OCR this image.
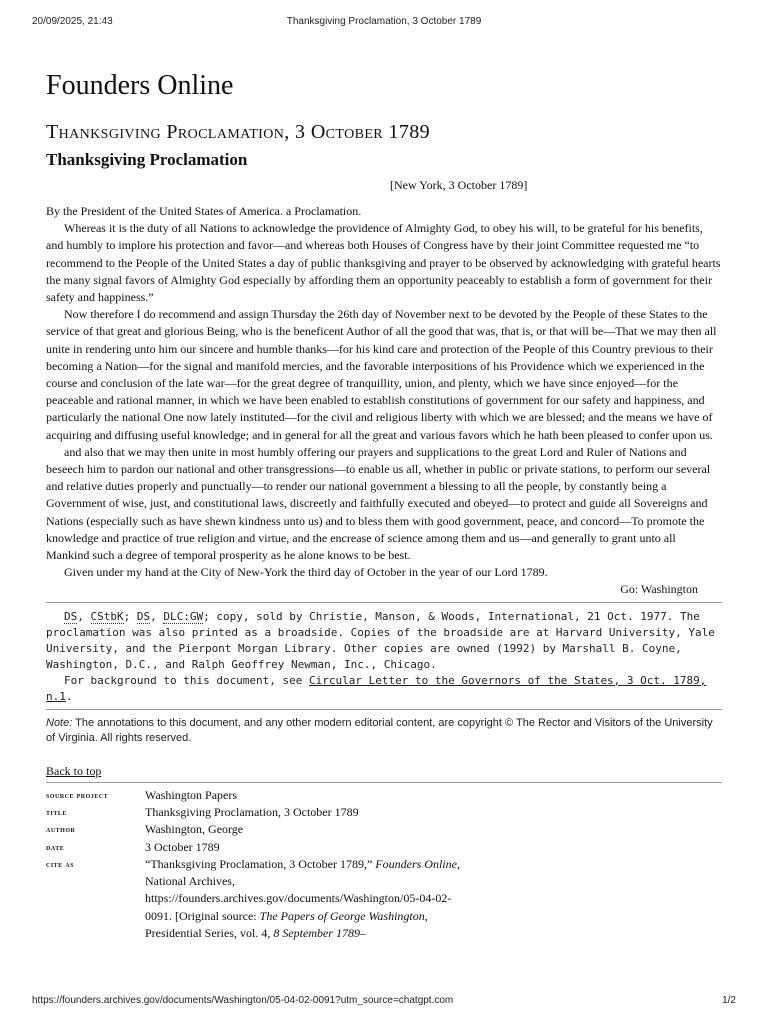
20/09/2025, 21:43	Thanksgiving Proclamation, 3 October 1789
Founders Online
Thanksgiving Proclamation, 3 October 1789
Thanksgiving Proclamation
[New York, 3 October 1789]

By the President of the United States of America. a Proclamation.

Whereas it is the duty of all Nations to acknowledge the providence of Almighty God, to obey his will, to be grateful for his benefits, and humbly to implore his protection and favor—and whereas both Houses of Congress have by their joint Committee requested me “to recommend to the People of the United States a day of public thanksgiving and prayer to be observed by acknowledging with grateful hearts the many signal favors of Almighty God especially by affording them an opportunity peaceably to establish a form of government for their safety and happiness.”

Now therefore I do recommend and assign Thursday the 26th day of November next to be devoted by the People of these States to the service of that great and glorious Being, who is the beneficent Author of all the good that was, that is, or that will be—That we may then all unite in rendering unto him our sincere and humble thanks—for his kind care and protection of the People of this Country previous to their becoming a Nation—for the signal and manifold mercies, and the favorable interpositions of his Providence which we experienced in the course and conclusion of the late war—for the great degree of tranquillity, union, and plenty, which we have since enjoyed—for the peaceable and rational manner, in which we have been enabled to establish constitutions of government for our safety and happiness, and particularly the national One now lately instituted—for the civil and religious liberty with which we are blessed; and the means we have of acquiring and diffusing useful knowledge; and in general for all the great and various favors which he hath been pleased to confer upon us.

and also that we may then unite in most humbly offering our prayers and supplications to the great Lord and Ruler of Nations and beseech him to pardon our national and other transgressions—to enable us all, whether in public or private stations, to perform our several and relative duties properly and punctually—to render our national government a blessing to all the people, by constantly being a Government of wise, just, and constitutional laws, discreetly and faithfully executed and obeyed—to protect and guide all Sovereigns and Nations (especially such as have shewn kindness unto us) and to bless them with good government, peace, and concord—To promote the knowledge and practice of true religion and virtue, and the encrease of science among them and us—and generally to grant unto all Mankind such a degree of temporal prosperity as he alone knows to be best.

Given under my hand at the City of New-York the third day of October in the year of our Lord 1789.

Go: Washington

DS, CStbK; DS, DLC:GW; copy, sold by Christie, Manson, & Woods, International, 21 Oct. 1977. The proclamation was also printed as a broadside. Copies of the broadside are at Harvard University, Yale University, and the Pierpont Morgan Library. Other copies are owned (1992) by Marshall B. Coyne, Washington, D.C., and Ralph Geoffrey Newman, Inc., Chicago.

For background to this document, see Circular Letter to the Governors of the States, 3 Oct. 1789, n.1.

Note: The annotations to this document, and any other modern editorial content, are copyright © The Rector and Visitors of the University of Virginia. All rights reserved.
Back to top
source project	Washington Papers
title	Thanksgiving Proclamation, 3 October 1789
author	Washington, George
date	3 October 1789
cite as	“Thanksgiving Proclamation, 3 October 1789,” Founders Online, National Archives, https://founders.archives.gov/documents/Washington/05-04-02-0091. [Original source: The Papers of George Washington, Presidential Series, vol. 4, 8 September 1789–
https://founders.archives.gov/documents/Washington/05-04-02-0091?utm_source=chatgpt.com	1/2
